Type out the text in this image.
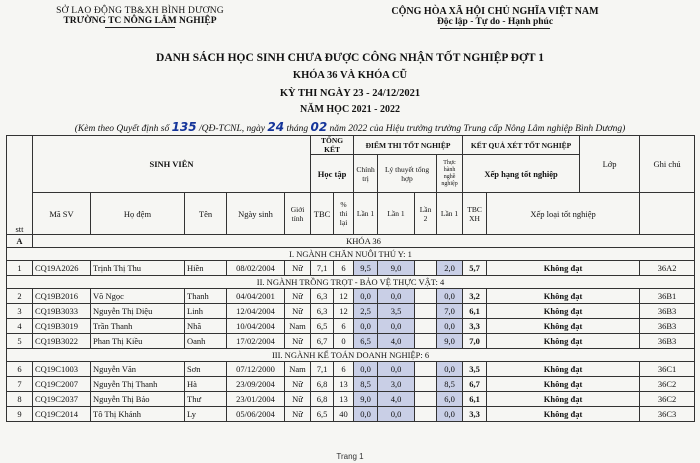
SỞ LAO ĐỘNG TB&XH BÌNH DƯƠNG
TRƯỜNG TC NÔNG LÂM NGHIỆP
CỘNG HÒA XÃ HỘI CHỦ NGHĨA VIỆT NAM
Độc lập - Tự do - Hạnh phúc
DANH SÁCH HỌC SINH CHƯA ĐƯỢC CÔNG NHẬN TỐT NGHIỆP ĐỢT 1
KHÓA 36 VÀ KHÓA CŨ
KỲ THI NGÀY 23 - 24/12/2021
NĂM HỌC 2021 - 2022
(Kèm theo Quyết định số 135 /QĐ-TCNL, ngày 24 tháng 02 năm 2022 của Hiệu trưởng trường Trung cấp Nông Lâm nghiệp Bình Dương)
stt	SINH VIÊN					TỔNG KẾT		ĐIỂM THI TỐT NGHIỆP				KẾT QUẢ XÉT TỐT NGHIỆP		Lớp	Ghi chú	
						Học tập		Chính trị	Lý thuyết tổng hợp		Thực hành nghề nghiệp	Xếp hạng tốt nghiệp				
	Mã SV	Họ đệm	Tên	Ngày sinh	Giới tính	TBC	% thi lại	Lần 1	Lần 1	Lần 2	Lần 1	TBC XH	Xếp loại tốt nghiệp			
A	KHÓA 36															
I. NGÀNH CHĂN NUÔI THÚ Y: 1																
1	CQ19A2026	Trịnh Thị Thu	Hiền	08/02/2004	Nữ	7,1	6	9,5	9,0		2,0	5,7	Không đạt		36A2	
II. NGÀNH TRỒNG TRỌT - BẢO VỆ THỰC VẬT: 4																
2	CQ19B2016	Võ Ngọc	Thanh	04/04/2001	Nữ	6,3	12	0,0	0,0		0,0	3,2	Không đạt		36B1	
3	CQ19B3033	Nguyễn Thị Diệu	Linh	12/04/2004	Nữ	6,3	12	2,5	3,5		7,0	6,1	Không đạt		36B3	
4	CQ19B3019	Trần Thanh	Nhã	10/04/2004	Nam	6,5	6	0,0	0,0		0,0	3,3	Không đạt		36B3	
5	CQ19B3022	Phan Thị Kiều	Oanh	17/02/2004	Nữ	6,7	0	6,5	4,0		9,0	7,0	Không đạt		36B3	
III. NGÀNH KẾ TOÁN DOANH NGHIỆP: 6																
6	CQ19C1003	Nguyễn Văn	Sơn	07/12/2000	Nam	7,1	6	0,0	0,0		0,0	3,5	Không đạt		36C1	
7	CQ19C2007	Nguyễn Thị Thanh	Hà	23/09/2004	Nữ	6,8	13	8,5	3,0		8,5	6,7	Không đạt		36C2	
8	CQ19C2037	Nguyễn Thị Bảo	Thư	23/01/2004	Nữ	6,8	13	9,0	4,0		6,0	6,1	Không đạt		36C2	
9	CQ19C2014	Tô Thị Khánh	Ly	05/06/2004	Nữ	6,5	40	0,0	0,0		0,0	3,3	Không đạt		36C3	
Trang 1
